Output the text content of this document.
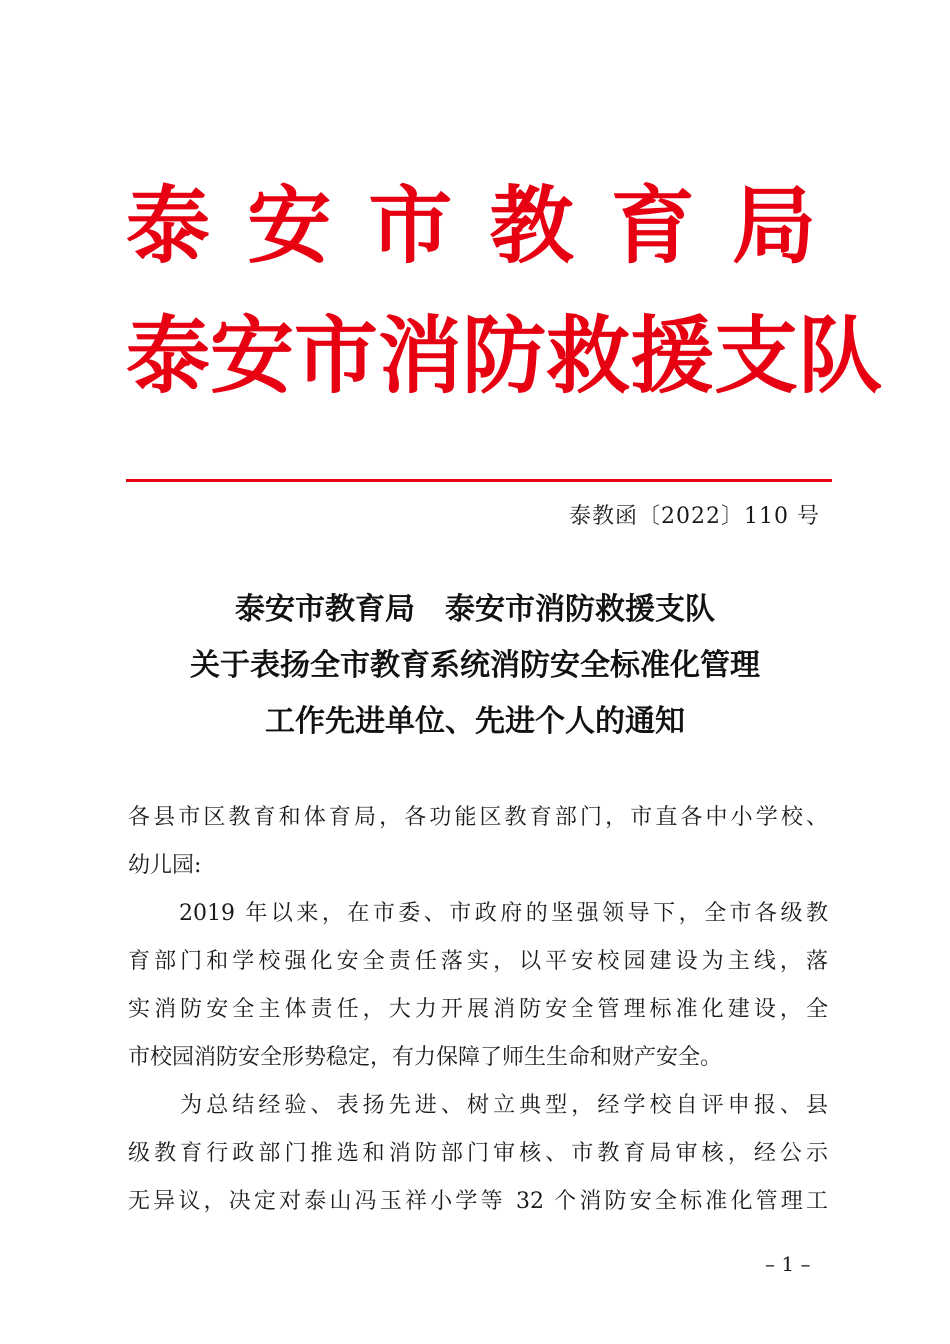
泰 安 市 教 育 局
泰 安 市 消 防 救 援 支 队
泰教函〔2022〕110 号
泰安市教育局　泰安市消防救援支队
关于表扬全市教育系统消防安全标准化管理
工作先进单位、先进个人的通知
各县市区教育和体育局，各功能区教育部门，市直各中小学校、
幼儿园:
　　2019 年以来，在市委、市政府的坚强领导下，全市各级教
育部门和学校强化安全责任落实，以平安校园建设为主线，落
实消防安全主体责任，大力开展消防安全管理标准化建设，全
市校园消防安全形势稳定，有力保障了师生生命和财产安全。
　　为总结经验、表扬先进、树立典型，经学校自评申报、县
级教育行政部门推选和消防部门审核、市教育局审核，经公示
无异议，决定对泰山冯玉祥小学等 32 个消防安全标准化管理工
– 1 –
